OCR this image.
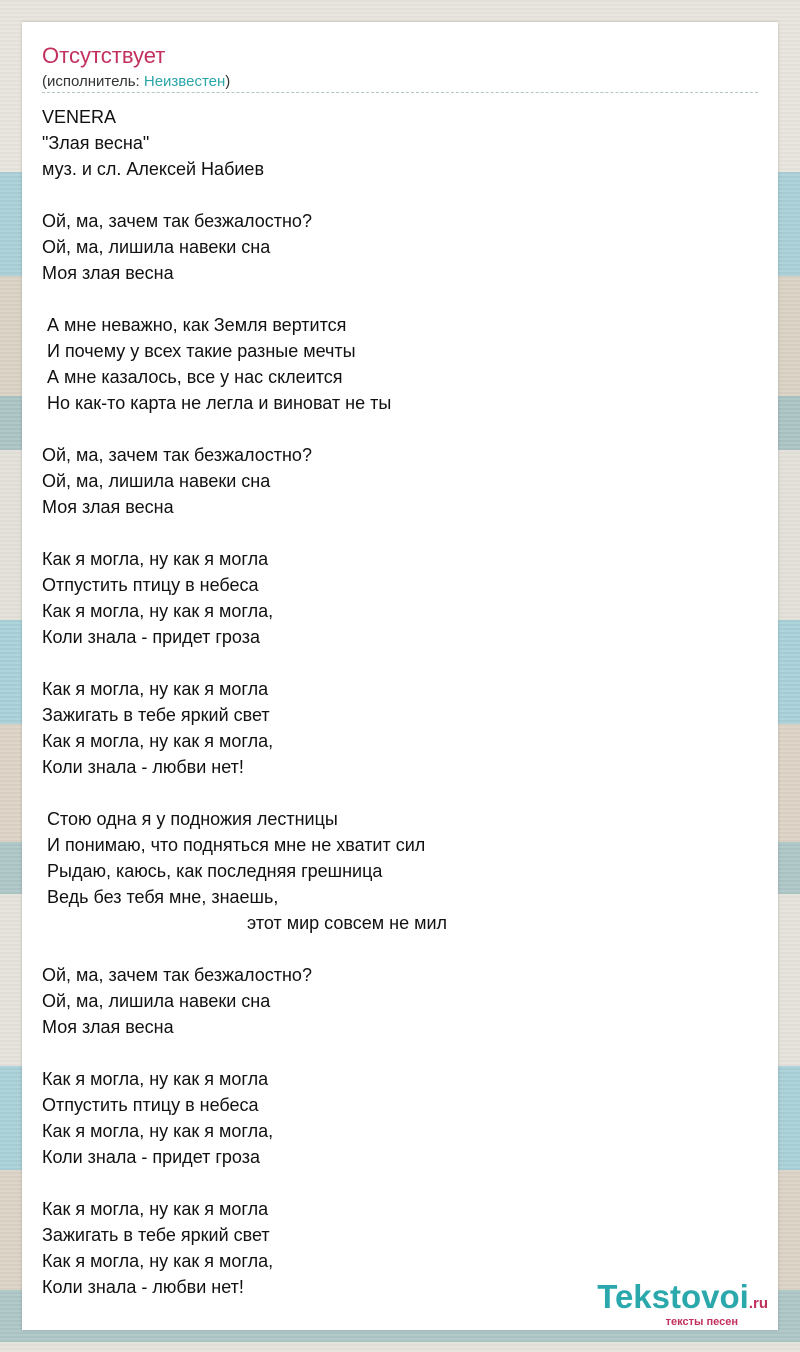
Отсутствует
(исполнитель: Неизвестен)
VENERA
"Злая весна"
муз. и сл. Алексей Набиев
Ой, ма, зачем так безжалостно?
Ой, ма, лишила навеки сна
Моя злая весна
А мне неважно, как Земля вертится
И почему у всех такие разные мечты
А мне казалось, все у нас склеится
Но как-то карта не легла и виноват не ты
Ой, ма, зачем так безжалостно?
Ой, ма, лишила навеки сна
Моя злая весна
Как я могла, ну как я могла
Отпустить птицу в небеса
Как я могла, ну как я могла,
Коли знала - придет гроза
Как я могла, ну как я могла
Зажигать в тебе яркий свет
Как я могла, ну как я могла,
Коли знала - любви нет!
Стою одна я у подножия лестницы
И понимаю, что подняться мне не хватит сил
Рыдаю, каюсь, как последняя грешница
Ведь без тебя мне, знаешь,
этот мир совсем не мил
Ой, ма, зачем так безжалостно?
Ой, ма, лишила навеки сна
Моя злая весна
Как я могла, ну как я могла
Отпустить птицу в небеса
Как я могла, ну как я могла,
Коли знала - придет гроза
Как я могла, ну как я могла
Зажигать в тебе яркий свет
Как я могла, ну как я могла,
Коли знала - любви нет!	Tekstovoi.ru
тексты песен
